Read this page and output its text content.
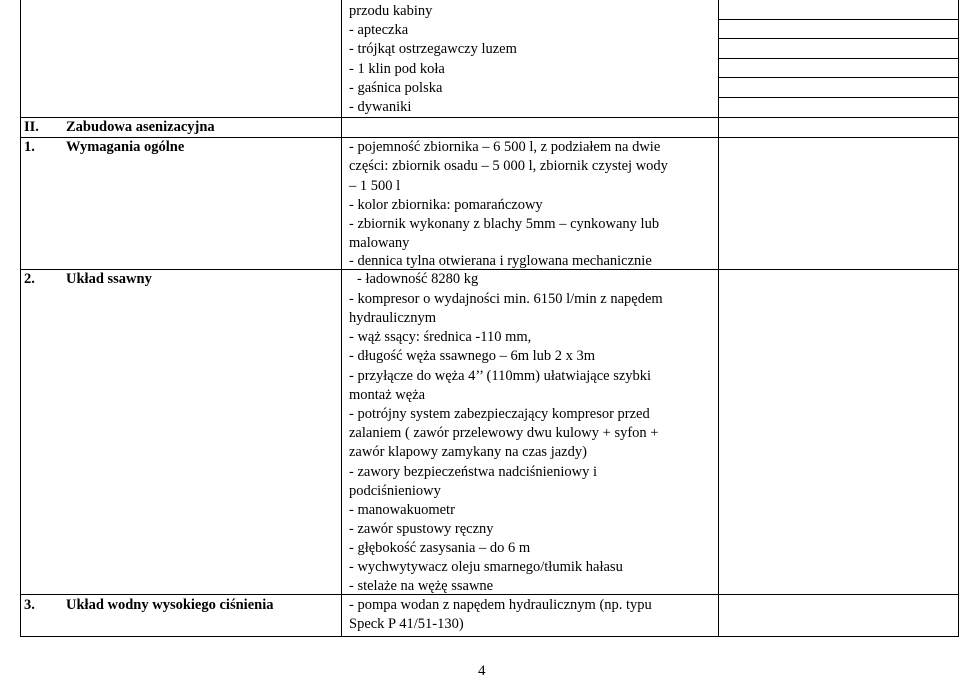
przodu kabiny
- apteczka
- trójkąt ostrzegawczy luzem
- 1 klin pod koła
- gaśnica polska
- dywaniki
II. Zabudowa asenizacyjna
1. Wymagania ogólne	- pojemność zbiornika – 6 500 l, z podziałem na dwie
części: zbiornik osadu – 5 000 l, zbiornik czystej wody
– 1 500 l
- kolor zbiornika: pomarańczowy
- zbiornik wykonany z blachy 5mm – cynkowany lub
malowany
- dennica tylna otwierana i ryglowana mechanicznie
2. Układ ssawny	- ładowność 8280 kg
- kompresor o wydajności min. 6150 l/min z napędem
hydraulicznym
- wąż ssący: średnica -110 mm,
- długość węża ssawnego – 6m lub 2 x 3m
- przyłącze do węża 4’’ (110mm) ułatwiające szybki
montaż węża
- potrójny system zabezpieczający kompresor przed
zalaniem ( zawór przelewowy dwu kulowy + syfon +
zawór klapowy zamykany na czas jazdy)
- zawory bezpieczeństwa nadciśnieniowy i
podciśnieniowy
- manowakuometr
- zawór spustowy ręczny
- głębokość zasysania – do 6 m
- wychwytywacz oleju smarnego/tłumik hałasu
- stelaże na wężę ssawne
3. Układ wodny wysokiego ciśnienia	- pompa wodan z napędem hydraulicznym (np. typu
Speck P 41/51-130)
4
